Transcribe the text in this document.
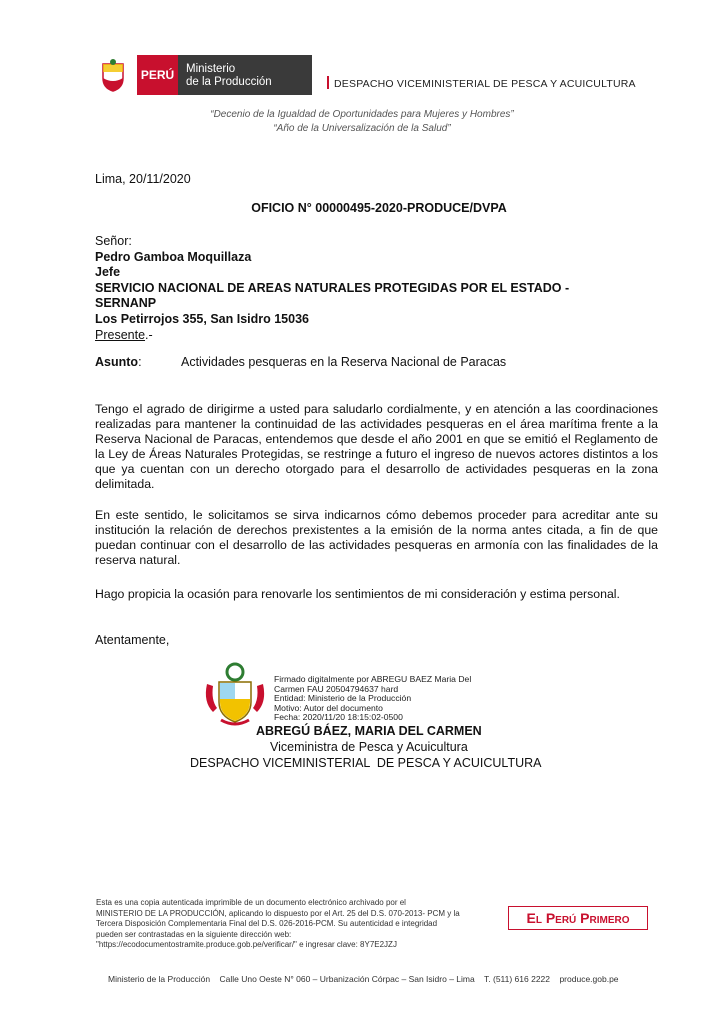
PERÚ	Ministerio
de la Producción	DESPACHO VICEMINISTERIAL DE PESCA Y ACUICULTURA
“Decenio de la Igualdad de Oportunidades para Mujeres y Hombres”
“Año de la Universalización de la Salud”
Lima, 20/11/2020
OFICIO N° 00000495-2020-PRODUCE/DVPA
Señor:
Pedro Gamboa Moquillaza
Jefe
SERVICIO NACIONAL DE AREAS NATURALES PROTEGIDAS POR EL ESTADO -
SERNANP
Los Petirrojos 355, San Isidro 15036
Presente.-
Asunto:	Actividades pesqueras en la Reserva Nacional de Paracas
Tengo el agrado de dirigirme a usted para saludarlo cordialmente, y en atención a las coordinaciones realizadas para mantener la continuidad de las actividades pesqueras en el área marítima frente a la Reserva Nacional de Paracas, entendemos que desde el año 2001 en que se emitió el Reglamento de la Ley de Áreas Naturales Protegidas, se restringe a futuro el ingreso de nuevos actores distintos a los que ya cuentan con un derecho otorgado para el desarrollo de actividades pesqueras en la zona delimitada.
En este sentido, le solicitamos se sirva indicarnos cómo debemos proceder para acreditar ante su institución la relación de derechos prexistentes a la emisión de la norma antes citada, a fin de que puedan continuar con el desarrollo de las actividades pesqueras en armonía con las finalidades de la reserva natural.
Hago propicia la ocasión para renovarle los sentimientos de mi consideración y estima personal.
Atentamente,
Firmado digitalmente por ABREGU BAEZ Maria Del
Carmen FAU 20504794637 hard
Entidad: Ministerio de la Producción
Motivo: Autor del documento
Fecha: 2020/11/20 18:15:02-0500
ABREGÚ BÁEZ, MARIA DEL CARMEN
Viceministra de Pesca y Acuicultura
DESPACHO VICEMINISTERIAL  DE PESCA Y ACUICULTURA
Esta es una copia autenticada imprimible de un documento electrónico archivado por el
MINISTERIO DE LA PRODUCCIÓN, aplicando lo dispuesto por el Art. 25 del D.S. 070-2013- PCM y la
Tercera Disposición Complementaria Final del D.S. 026-2016-PCM. Su autenticidad e integridad
pueden ser contrastadas en la siguiente dirección web:
"https://ecodocumentostramite.produce.gob.pe/verificar/" e ingresar clave: 8Y7E2JZJ
El Perú Primero
Ministerio de la Producción    Calle Uno Oeste N° 060 – Urbanización Córpac – San Isidro – Lima    T. (511) 616 2222    produce.gob.pe
